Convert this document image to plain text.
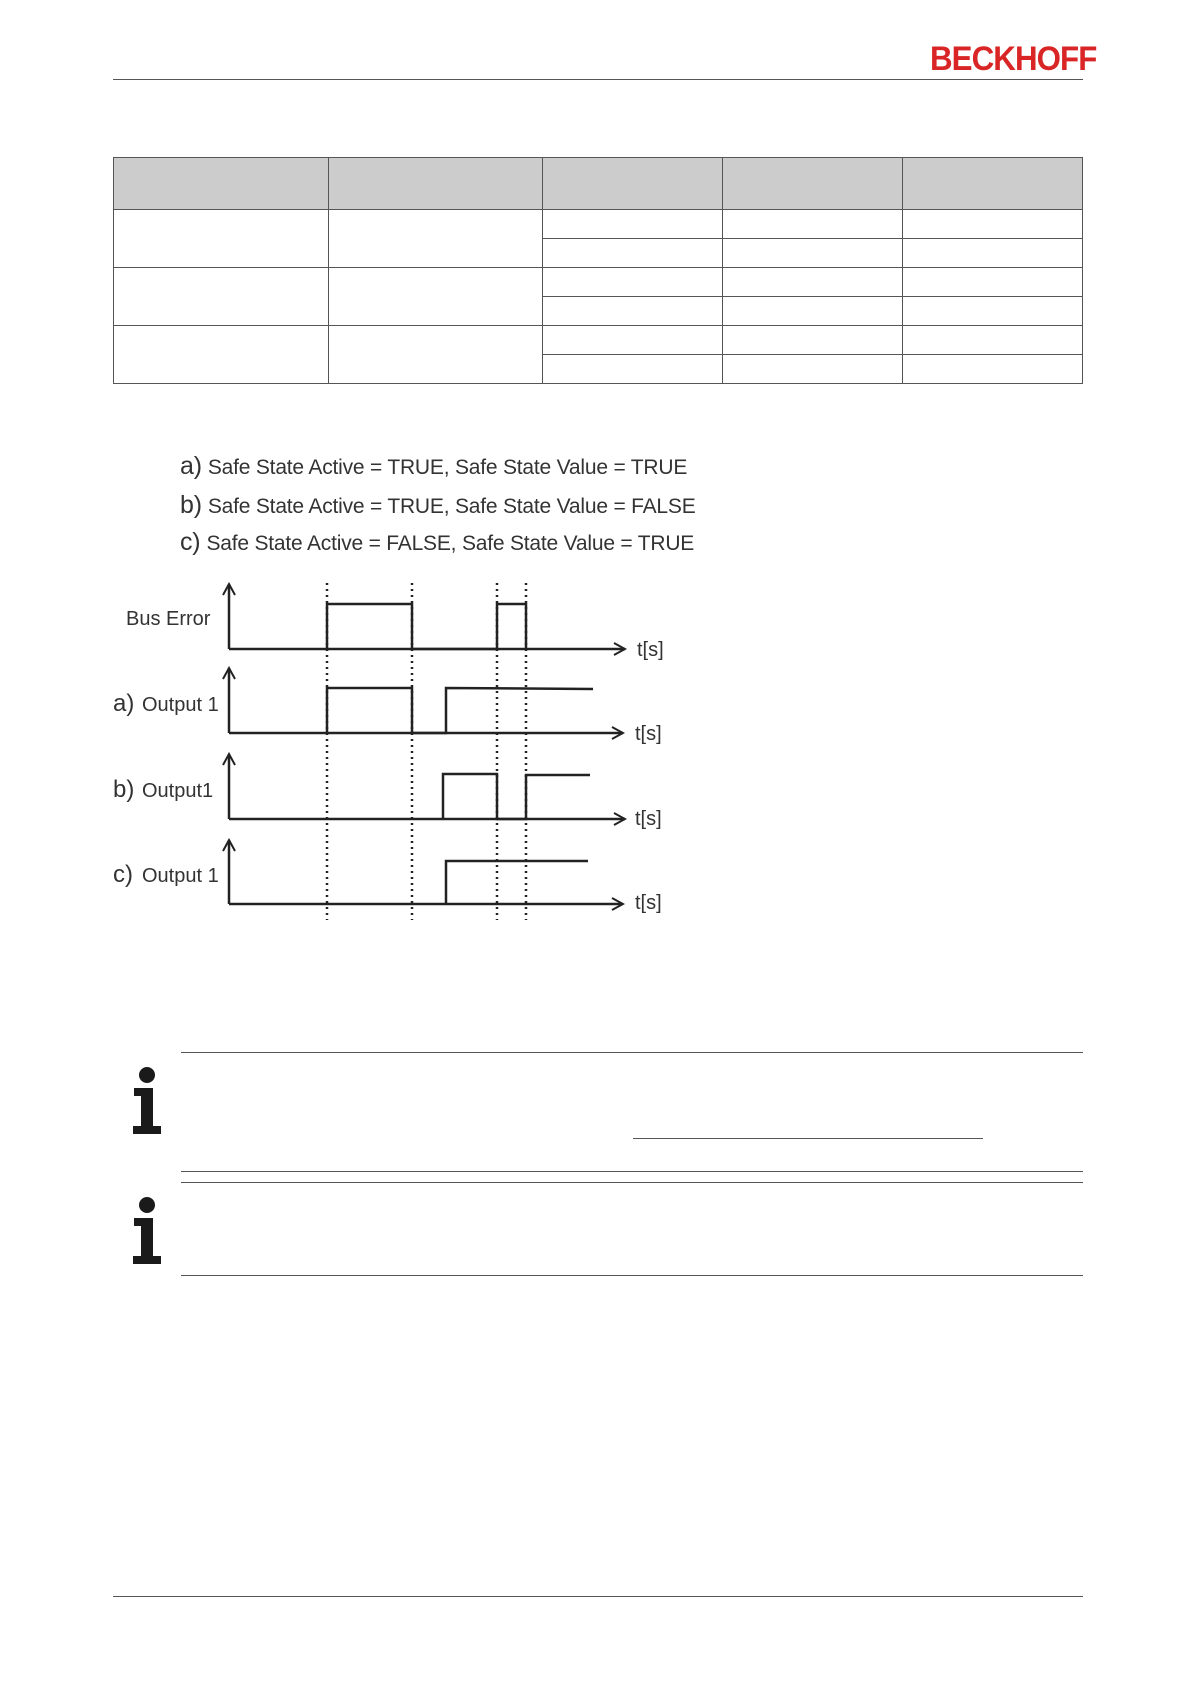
BECKHOFF

a) Safe State Active = TRUE, Safe State Value = TRUE
b) Safe State Active = TRUE, Safe State Value = FALSE
c) Safe State Active = FALSE, Safe State Value = TRUE
Bus Error
t[s]
a) Output 1
t[s]
b) Output1
t[s]
c) Output 1
t[s]
